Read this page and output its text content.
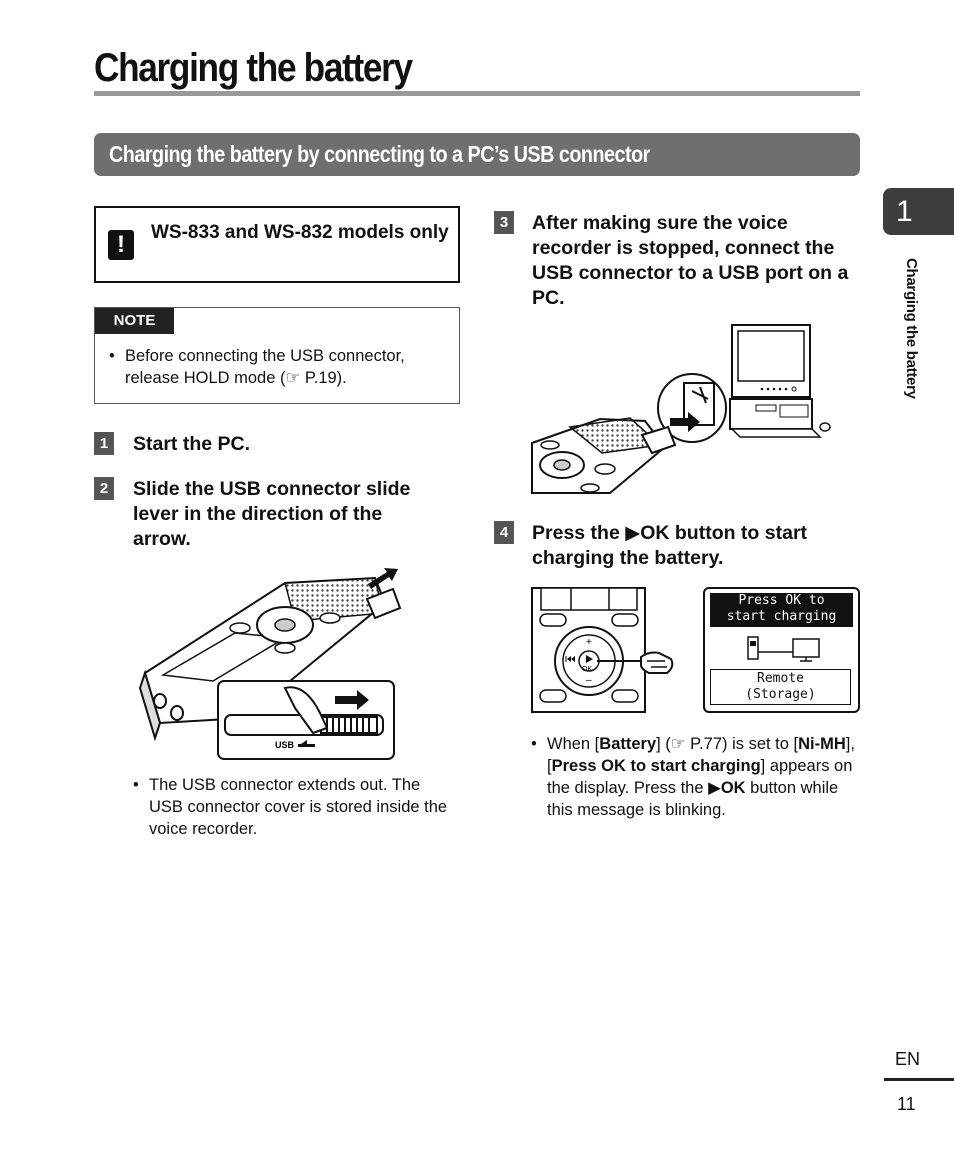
Charging the battery
Charging the battery by connecting to a PC’s USB connector
!	WS-833 and WS-832 models only
NOTE
• Before connecting the USB connector, release HOLD mode (☞ P.19).
1 Start the PC.
2 Slide the USB connector slide lever in the direction of the arrow.
USB
• The USB connector extends out. The USB connector cover is stored inside the voice recorder.
3 After making sure the voice recorder is stopped, connect the USB connector to a USB port on a PC.
4 Press the ▶OK button to start charging the battery.
OK
+
–
Press OK to
start charging
Remote
(Storage)
• When [Battery] (☞ P.77) is set to [Ni-MH], [Press OK to start charging] appears on the display. Press the ▶OK button while this message is blinking.
1
Charging the battery
EN
11
